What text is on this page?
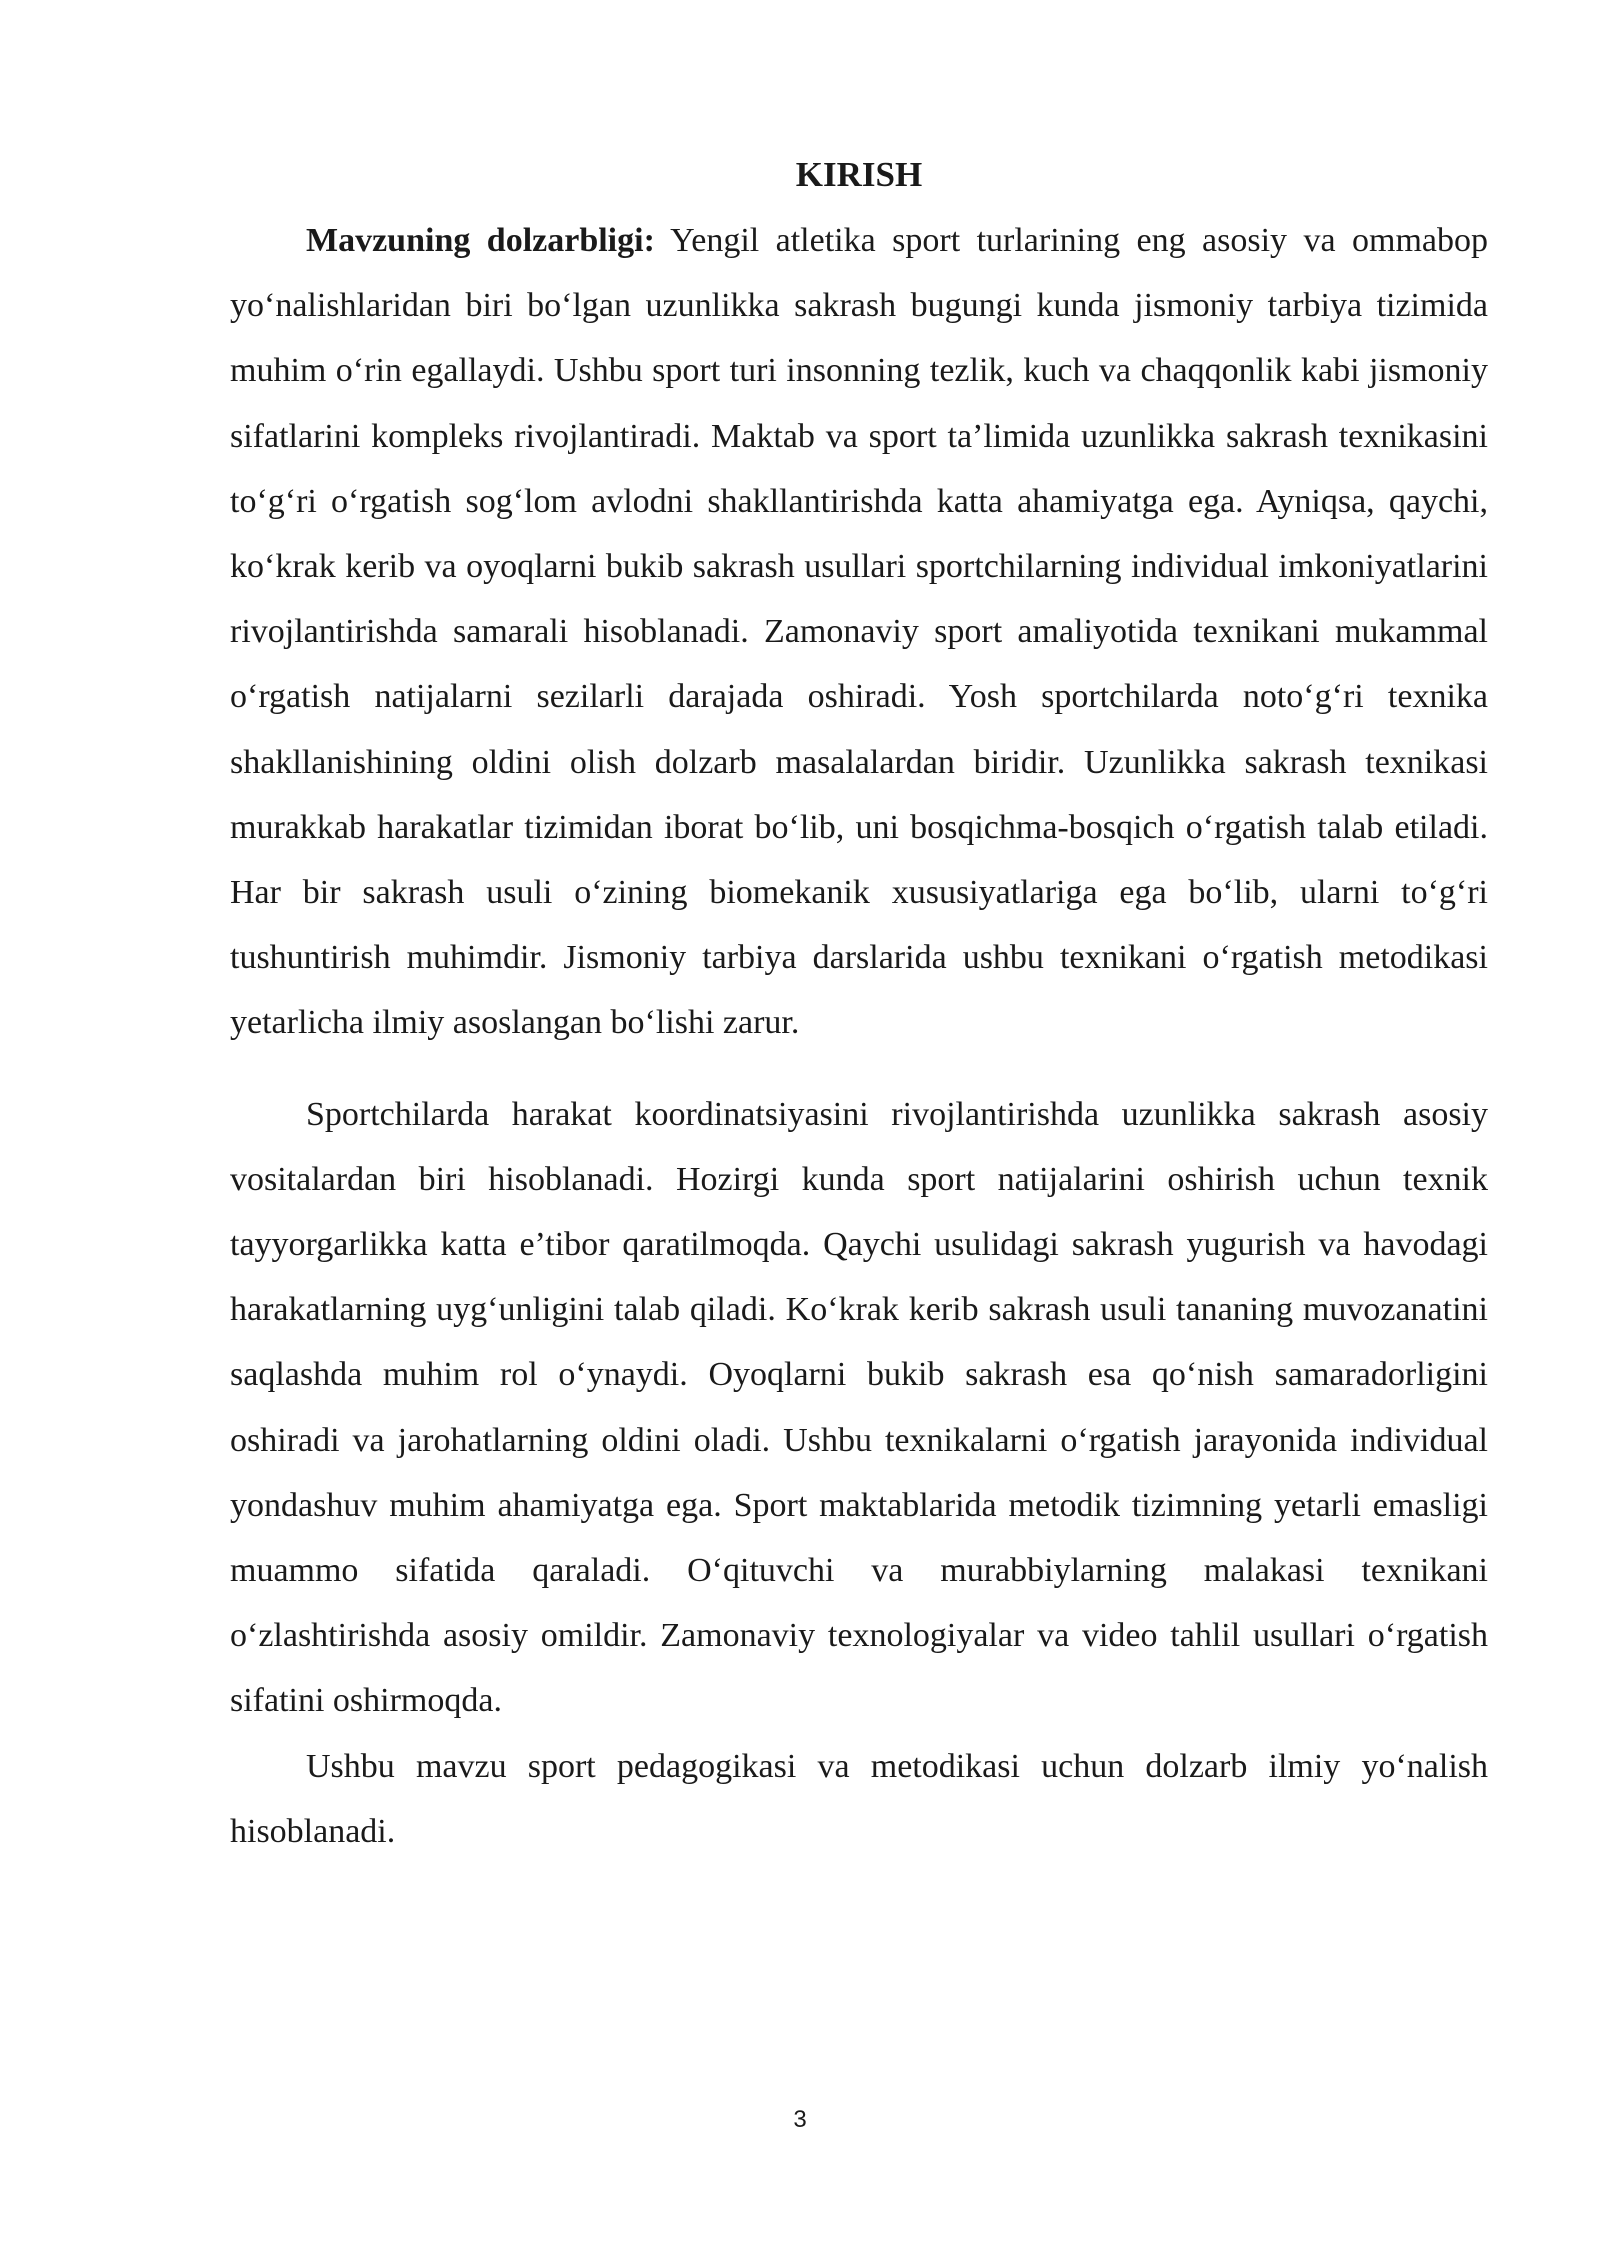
KIRISH

Mavzuning dolzarbligi: Yengil atletika sport turlarining eng asosiy va ommabop yo‘nalishlaridan biri bo‘lgan uzunlikka sakrash bugungi kunda jismoniy tarbiya tizimida muhim o‘rin egallaydi. Ushbu sport turi insonning tezlik, kuch va chaqqonlik kabi jismoniy sifatlarini kompleks rivojlantiradi. Maktab va sport ta’limida uzunlikka sakrash texnikasini to‘g‘ri o‘rgatish sog‘lom avlodni shakllantirishda katta ahamiyatga ega. Ayniqsa, qaychi, ko‘krak kerib va oyoqlarni bukib sakrash usullari sportchilarning individual imkoniyatlarini rivojlantirishda samarali hisoblanadi. Zamonaviy sport amaliyotida texnikani mukammal o‘rgatish natijalarni sezilarli darajada oshiradi. Yosh sportchilarda noto‘g‘ri texnika shakllanishining oldini olish dolzarb masalalardan biridir. Uzunlikka sakrash texnikasi murakkab harakatlar tizimidan iborat bo‘lib, uni bosqichma-bosqich o‘rgatish talab etiladi. Har bir sakrash usuli o‘zining biomekanik xususiyatlariga ega bo‘lib, ularni to‘g‘ri tushuntirish muhimdir. Jismoniy tarbiya darslarida ushbu texnikani o‘rgatish metodikasi yetarlicha ilmiy asoslangan bo‘lishi zarur.

Sportchilarda harakat koordinatsiyasini rivojlantirishda uzunlikka sakrash asosiy vositalardan biri hisoblanadi. Hozirgi kunda sport natijalarini oshirish uchun texnik tayyorgarlikka katta e’tibor qaratilmoqda. Qaychi usulidagi sakrash yugurish va havodagi harakatlarning uyg‘unligini talab qiladi. Ko‘krak kerib sakrash usuli tananing muvozanatini saqlashda muhim rol o‘ynaydi. Oyoqlarni bukib sakrash esa qo‘nish samaradorligini oshiradi va jarohatlarning oldini oladi. Ushbu texnikalarni o‘rgatish jarayonida individual yondashuv muhim ahamiyatga ega. Sport maktablarida metodik tizimning yetarli emasligi muammo sifatida qaraladi. O‘qituvchi va murabbiylarning malakasi texnikani o‘zlashtirishda asosiy omildir. Zamonaviy texnologiyalar va video tahlil usullari o‘rgatish sifatini oshirmoqda.

Ushbu mavzu sport pedagogikasi va metodikasi uchun dolzarb ilmiy yo‘nalish hisoblanadi.

3
